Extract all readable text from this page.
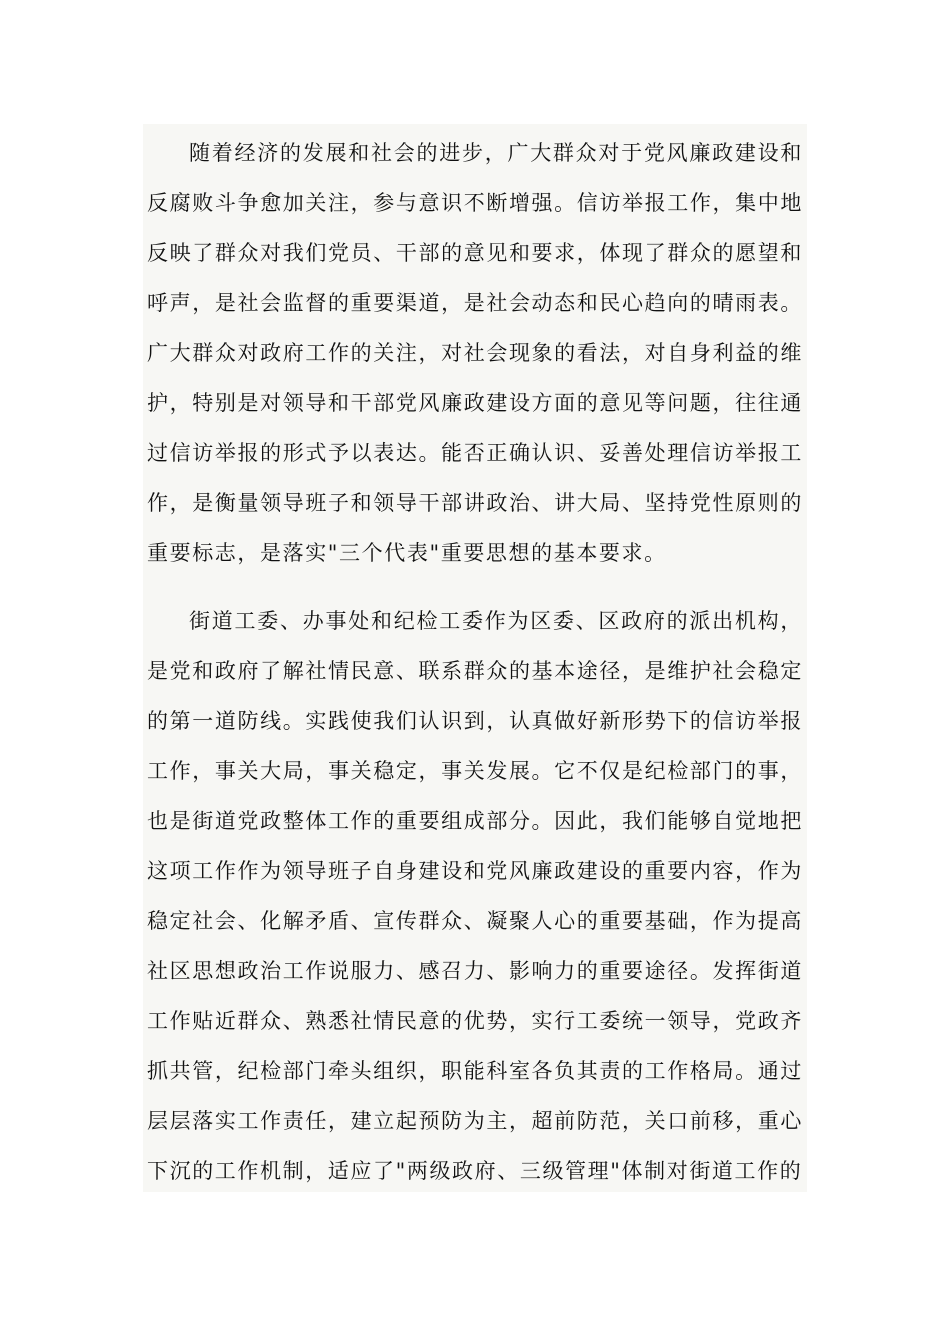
随着经济的发展和社会的进步，广大群众对于党风廉政建设和反腐败斗争愈加关注，参与意识不断增强。信访举报工作，集中地反映了群众对我们党员、干部的意见和要求，体现了群众的愿望和呼声，是社会监督的重要渠道，是社会动态和民心趋向的晴雨表。广大群众对政府工作的关注，对社会现象的看法，对自身利益的维护，特别是对领导和干部党风廉政建设方面的意见等问题，往往通过信访举报的形式予以表达。能否正确认识、妥善处理信访举报工作，是衡量领导班子和领导干部讲政治、讲大局、坚持党性原则的重要标志，是落实"三个代表"重要思想的基本要求。

街道工委、办事处和纪检工委作为区委、区政府的派出机构，是党和政府了解社情民意、联系群众的基本途径，是维护社会稳定的第一道防线。实践使我们认识到，认真做好新形势下的信访举报工作，事关大局，事关稳定，事关发展。它不仅是纪检部门的事，也是街道党政整体工作的重要组成部分。因此，我们能够自觉地把这项工作作为领导班子自身建设和党风廉政建设的重要内容，作为稳定社会、化解矛盾、宣传群众、凝聚人心的重要基础，作为提高社区思想政治工作说服力、感召力、影响力的重要途径。发挥街道工作贴近群众、熟悉社情民意的优势，实行工委统一领导，党政齐抓共管，纪检部门牵头组织，职能科室各负其责的工作格局。通过层层落实工作责任，建立起预防为主，超前防范，关口前移，重心下沉的工作机制，适应了"两级政府、三级管理"体制对街道工作的
